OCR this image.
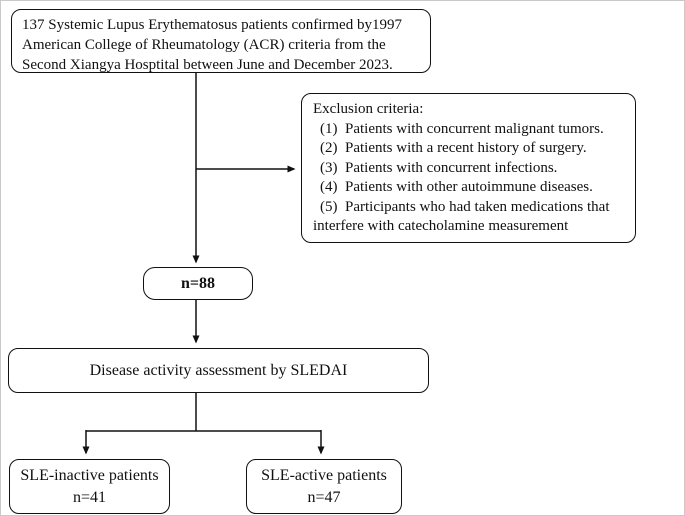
137 Systemic Lupus Erythematosus patients confirmed by1997 American College of Rheumatology (ACR) criteria from the Second Xiangya Hosptital between June and December 2023.
Exclusion criteria:
(1)  Patients with concurrent malignant tumors.
(2)  Patients with a recent history of surgery.
(3)  Patients with concurrent infections.
(4)  Patients with other autoimmune diseases.
(5)  Participants who had taken medications that interfere with catecholamine measurement
n=88
Disease activity assessment by SLEDAI
SLE-inactive patients
n=41
SLE-active patients
n=47
